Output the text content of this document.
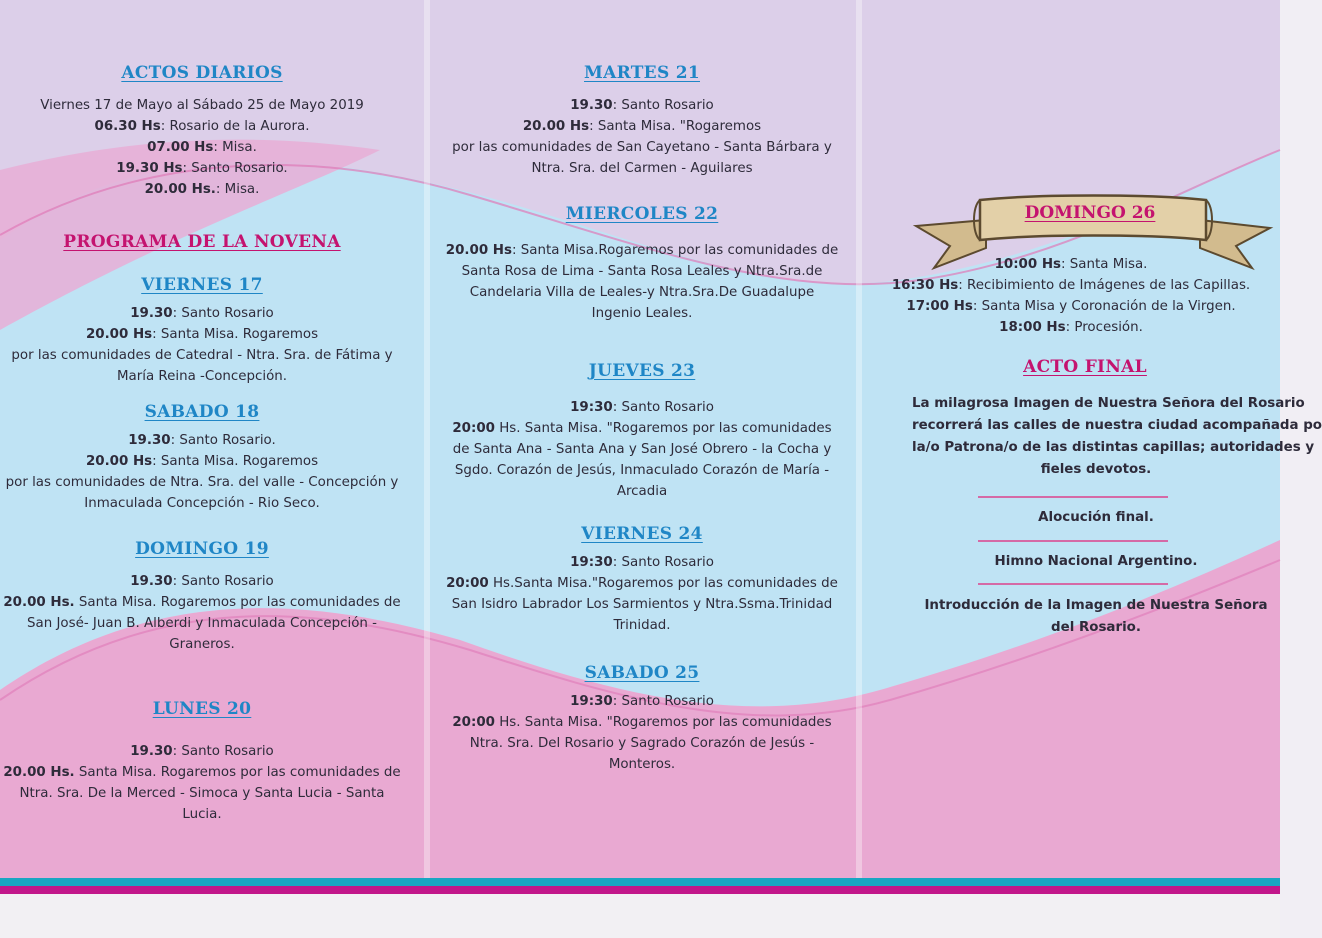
ACTOS DIARIOS
Viernes 17 de Mayo al Sábado 25 de Mayo 2019
06.30 Hs: Rosario de la Aurora.
07.00 Hs: Misa.
19.30 Hs: Santo Rosario.
20.00 Hs.: Misa.
PROGRAMA DE LA NOVENA
VIERNES 17
19.30: Santo Rosario
20.00 Hs: Santa Misa. Rogaremos
por las comunidades de Catedral - Ntra. Sra. de Fátima y
María Reina -Concepción.
SABADO 18
19.30: Santo Rosario.
20.00 Hs: Santa Misa. Rogaremos
por las comunidades de Ntra. Sra. del valle - Concepción y
Inmaculada Concepción - Rio Seco.
DOMINGO 19
19.30: Santo Rosario
20.00 Hs. Santa Misa. Rogaremos por las comunidades de
San José- Juan B. Alberdi y Inmaculada Concepción -
Graneros.
LUNES 20
19.30: Santo Rosario
20.00 Hs. Santa Misa. Rogaremos por las comunidades de
Ntra. Sra. De la Merced - Simoca y Santa Lucia - Santa
Lucia.
MARTES 21
19.30: Santo Rosario
20.00 Hs: Santa Misa. "Rogaremos
por las comunidades de San Cayetano - Santa Bárbara y
Ntra. Sra. del Carmen - Aguilares
MIERCOLES 22
20.00 Hs: Santa Misa.Rogaremos por las comunidades de
Santa Rosa de Lima - Santa Rosa Leales y Ntra.Sra.de
Candelaria Villa de Leales-y Ntra.Sra.De Guadalupe
Ingenio Leales.
JUEVES 23
19:30: Santo Rosario
20:00 Hs. Santa Misa. "Rogaremos por las comunidades
de Santa Ana - Santa Ana y San José Obrero - la Cocha y
Sgdo. Corazón de Jesús, Inmaculado Corazón de María -
Arcadia
VIERNES 24
19:30: Santo Rosario
20:00 Hs.Santa Misa."Rogaremos por las comunidades de
San Isidro Labrador Los Sarmientos y Ntra.Ssma.Trinidad
Trinidad.
SABADO 25
19:30: Santo Rosario
20:00 Hs. Santa Misa. "Rogaremos por las comunidades
Ntra. Sra. Del Rosario y Sagrado Corazón de Jesús -
Monteros.
DOMINGO 26
10:00 Hs: Santa Misa.
16:30 Hs: Recibimiento de Imágenes de las Capillas.
17:00 Hs: Santa Misa y Coronación de la Virgen.
18:00 Hs: Procesión.
ACTO FINAL
La milagrosa Imagen de Nuestra Señora del Rosario
recorrerá las calles de nuestra ciudad acompañada po
la/o Patrona/o de las distintas capillas; autoridades y
fieles devotos.
Alocución final.
Himno Nacional Argentino.
Introducción de la Imagen de Nuestra Señora
del Rosario.
